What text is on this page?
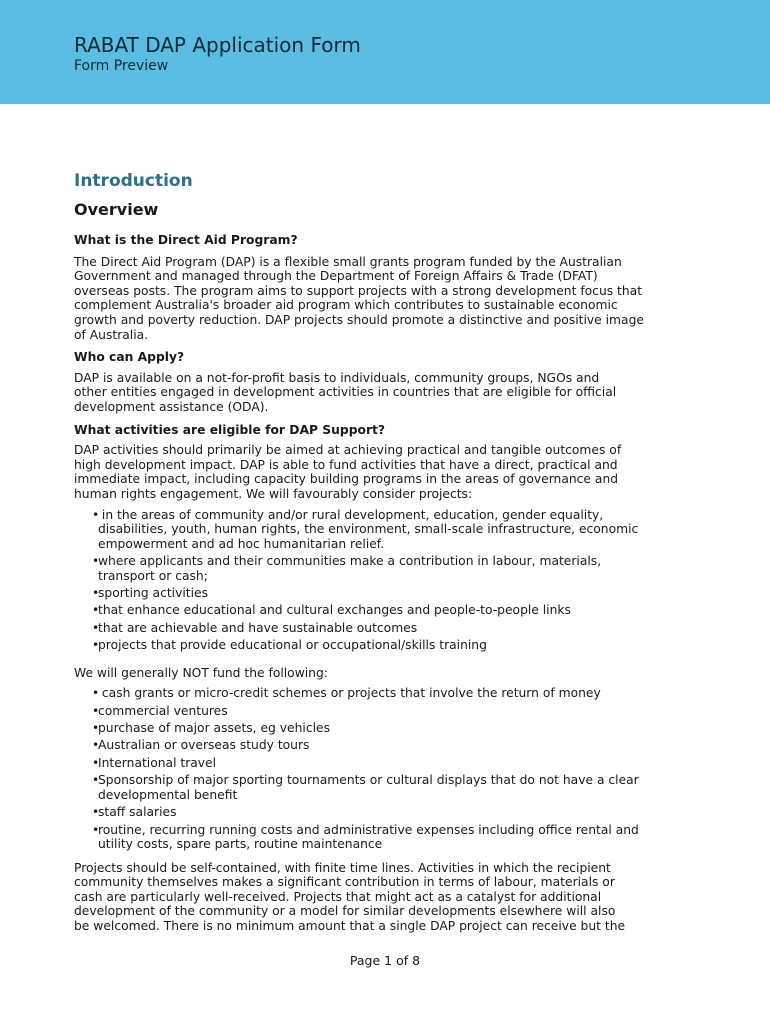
RABAT DAP Application Form
Form Preview
Introduction
Overview
What is the Direct Aid Program?

The Direct Aid Program (DAP) is a flexible small grants program funded by the Australian
Government and managed through the Department of Foreign Affairs & Trade (DFAT)
overseas posts. The program aims to support projects with a strong development focus that
complement Australia's broader aid program which contributes to sustainable economic
growth and poverty reduction. DAP projects should promote a distinctive and positive image
of Australia.

Who can Apply?

DAP is available on a not-for-profit basis to individuals, community groups, NGOs and
other entities engaged in development activities in countries that are eligible for official
development assistance (ODA).

What activities are eligible for DAP Support?

DAP activities should primarily be aimed at achieving practical and tangible outcomes of
high development impact. DAP is able to fund activities that have a direct, practical and
immediate impact, including capacity building programs in the areas of governance and
human rights engagement. We will favourably consider projects:

• in the areas of community and/or rural development, education, gender equality,
disabilities, youth, human rights, the environment, small-scale infrastructure, economic
empowerment and ad hoc humanitarian relief.
•where applicants and their communities make a contribution in labour, materials,
transport or cash;
•sporting activities
•that enhance educational and cultural exchanges and people-to-people links
•that are achievable and have sustainable outcomes
•projects that provide educational or occupational/skills training

We will generally NOT fund the following:

• cash grants or micro-credit schemes or projects that involve the return of money
•commercial ventures
•purchase of major assets, eg vehicles
•Australian or overseas study tours
•International travel
•Sponsorship of major sporting tournaments or cultural displays that do not have a clear
developmental benefit
•staff salaries
•routine, recurring running costs and administrative expenses including office rental and
utility costs, spare parts, routine maintenance

Projects should be self-contained, with finite time lines. Activities in which the recipient
community themselves makes a significant contribution in terms of labour, materials or
cash are particularly well-received. Projects that might act as a catalyst for additional
development of the community or a model for similar developments elsewhere will also
be welcomed. There is no minimum amount that a single DAP project can receive but the

Page 1 of 8
